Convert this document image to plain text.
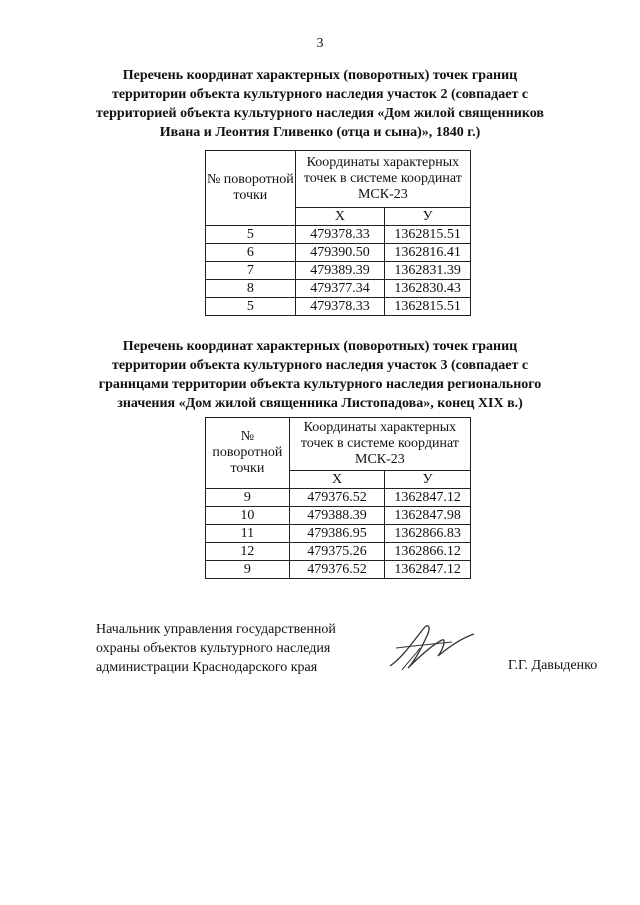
3
Перечень координат характерных (поворотных) точек границ территории объекта культурного наследия участок 2 (совпадает с территорией объекта культурного наследия «Дом жилой священников Ивана и Леонтия Гливенко (отца и сына)», 1840 г.)
№ поворотной точки	Координаты характерных точек в системе координат МСК-23	
	Х	У
5	479378.33	1362815.51
6	479390.50	1362816.41
7	479389.39	1362831.39
8	479377.34	1362830.43
5	479378.33	1362815.51
Перечень координат характерных (поворотных) точек границ территории объекта культурного наследия участок 3 (совпадает с границами территории объекта культурного наследия регионального значения «Дом жилой священника Листопадова», конец XIX в.)
№ поворотной точки	Координаты характерных точек в системе координат МСК-23	
	Х	У
9	479376.52	1362847.12
10	479388.39	1362847.98
11	479386.95	1362866.83
12	479375.26	1362866.12
9	479376.52	1362847.12
Начальник управления государственной охраны объектов культурного наследия администрации Краснодарского края	Г.Г. Давыденко
